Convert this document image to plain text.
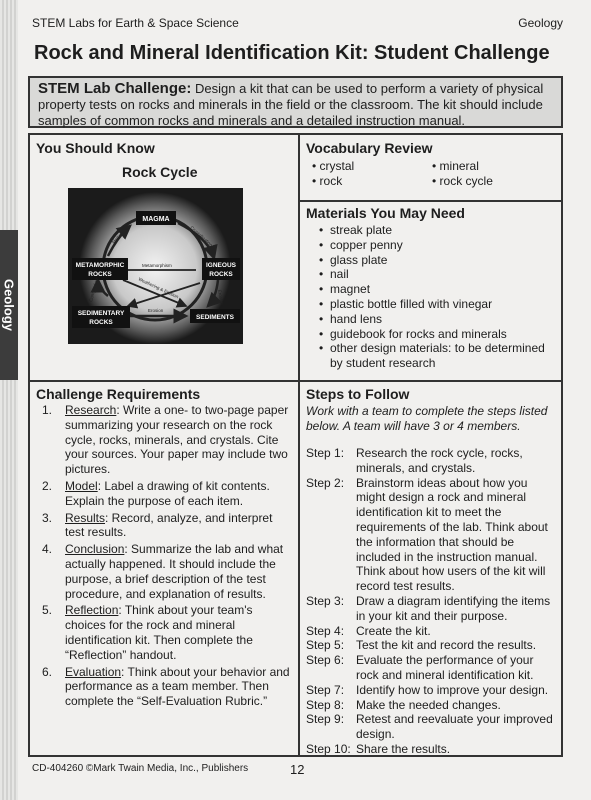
Geology
STEM Labs for Earth & Space Science	Geology
Rock and Mineral Identification Kit: Student Challenge
STEM Lab Challenge: Design a kit that can be used to perform a variety of physical property tests on rocks and minerals in the field or the classroom. The kit should include samples of common rocks and minerals and a detailed instruction manual.
You Should Know
Rock Cycle
MAGMA
METAMORPHIC
ROCKS
IGNEOUS
ROCKS
SEDIMENTARY
ROCKS
SEDIMENTS
Melting	Crystallization
Metamorphism
Weathering & Erosion
Erosion
Erosion
Compaction
Vocabulary Review
• crystal
• rock
• mineral
• rock cycle
Materials You May Need
• streak plate
• copper penny
• glass plate
• nail
• magnet
• plastic bottle filled with vinegar
• hand lens
• guidebook for rocks and minerals
• other design materials: to be determined by student research
Challenge Requirements
1. Research: Write a one- to two-page paper summarizing your research on the rock cycle, rocks, minerals, and crystals. Cite your sources. Your paper may include two pictures.
2. Model: Label a drawing of kit contents. Explain the purpose of each item.
3. Results: Record, analyze, and interpret test results.
4. Conclusion: Summarize the lab and what actually happened. It should include the purpose, a brief description of the test procedure, and explanation of results.
5. Reflection: Think about your team's choices for the rock and mineral identification kit. Then complete the “Reflection” handout.
6. Evaluation: Think about your behavior and performance as a team member. Then complete the “Self-Evaluation Rubric.”
Steps to Follow
Work with a team to complete the steps listed below. A team will have 3 or 4 members.
Step 1: Research the rock cycle, rocks, minerals, and crystals.
Step 2: Brainstorm ideas about how you might design a rock and mineral identification kit to meet the requirements of the lab. Think about the information that should be included in the instruction manual. Think about how users of the kit will record test results.
Step 3: Draw a diagram identifying the items in your kit and their purpose.
Step 4: Create the kit.
Step 5: Test the kit and record the results.
Step 6: Evaluate the performance of your rock and mineral identification kit.
Step 7: Identify how to improve your design.
Step 8: Make the needed changes.
Step 9: Retest and reevaluate your improved design.
Step 10: Share the results.
CD-404260 ©Mark Twain Media, Inc., Publishers	12
